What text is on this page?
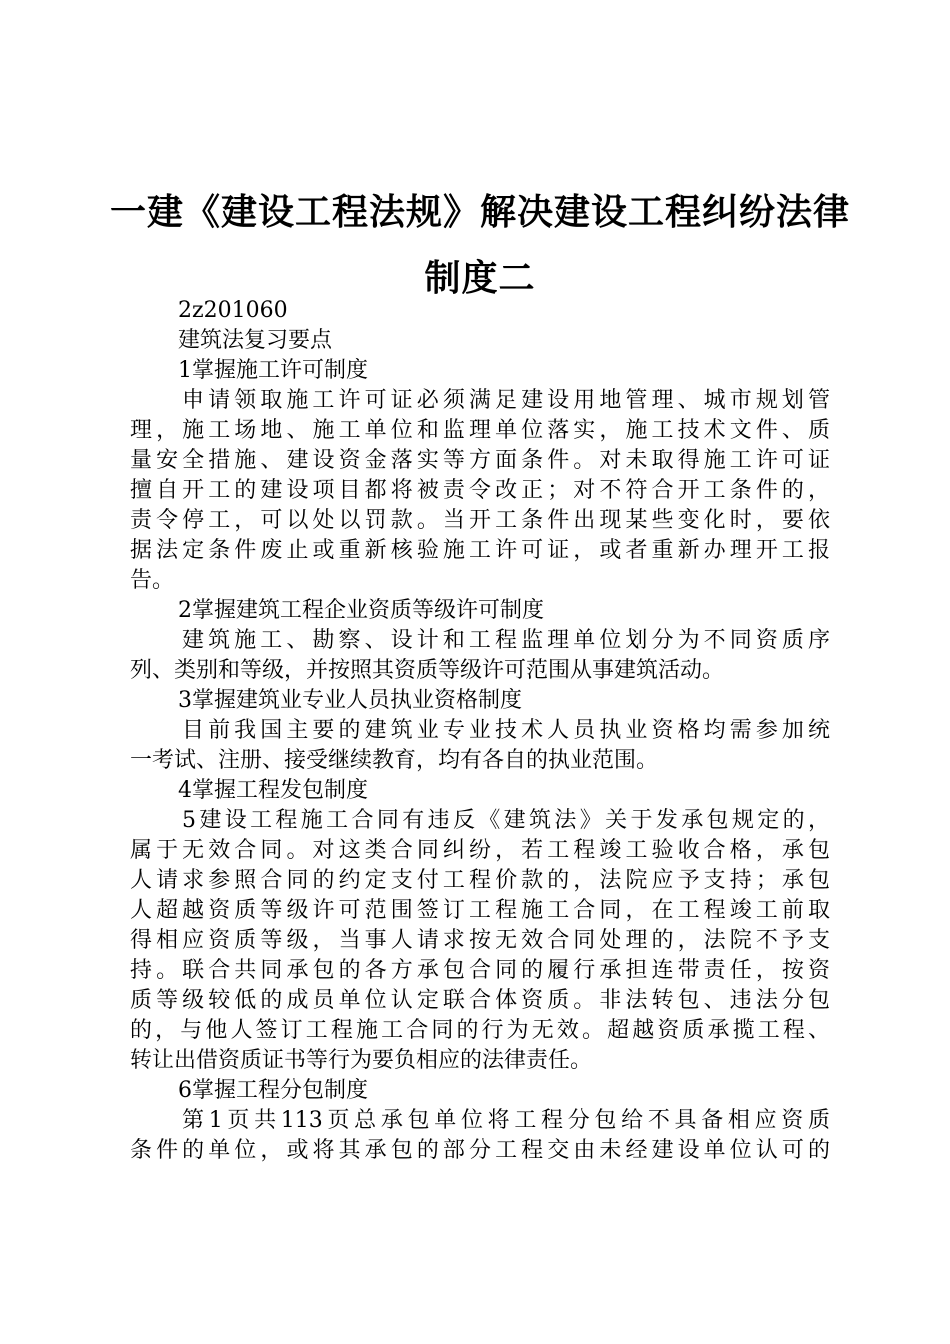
一建《建设工程法规》解决建设工程纠纷法律
制度二
2z201060
建筑法复习要点
1掌握施工许可制度
申请领取施工许可证必须满足建设用地管理、城市规划管
理，施工场地、施工单位和监理单位落实，施工技术文件、质
量安全措施、建设资金落实等方面条件。对未取得施工许可证
擅自开工的建设项目都将被责令改正；对不符合开工条件的，
责令停工，可以处以罚款。当开工条件出现某些变化时，要依
据法定条件废止或重新核验施工许可证，或者重新办理开工报
告。
2掌握建筑工程企业资质等级许可制度
建筑施工、勘察、设计和工程监理单位划分为不同资质序
列、类别和等级，并按照其资质等级许可范围从事建筑活动。
3掌握建筑业专业人员执业资格制度
目前我国主要的建筑业专业技术人员执业资格均需参加统
一考试、注册、接受继续教育，均有各自的执业范围。
4掌握工程发包制度
5建设工程施工合同有违反《建筑法》关于发承包规定的，
属于无效合同。对这类合同纠纷，若工程竣工验收合格，承包
人请求参照合同的约定支付工程价款的，法院应予支持；承包
人超越资质等级许可范围签订工程施工合同，在工程竣工前取
得相应资质等级，当事人请求按无效合同处理的，法院不予支
持。联合共同承包的各方承包合同的履行承担连带责任，按资
质等级较低的成员单位认定联合体资质。非法转包、违法分包
的，与他人签订工程施工合同的行为无效。超越资质承揽工程、
转让出借资质证书等行为要负相应的法律责任。
6掌握工程分包制度
第1页共113页总承包单位将工程分包给不具备相应资质
条件的单位，或将其承包的部分工程交由未经建设单位认可的
